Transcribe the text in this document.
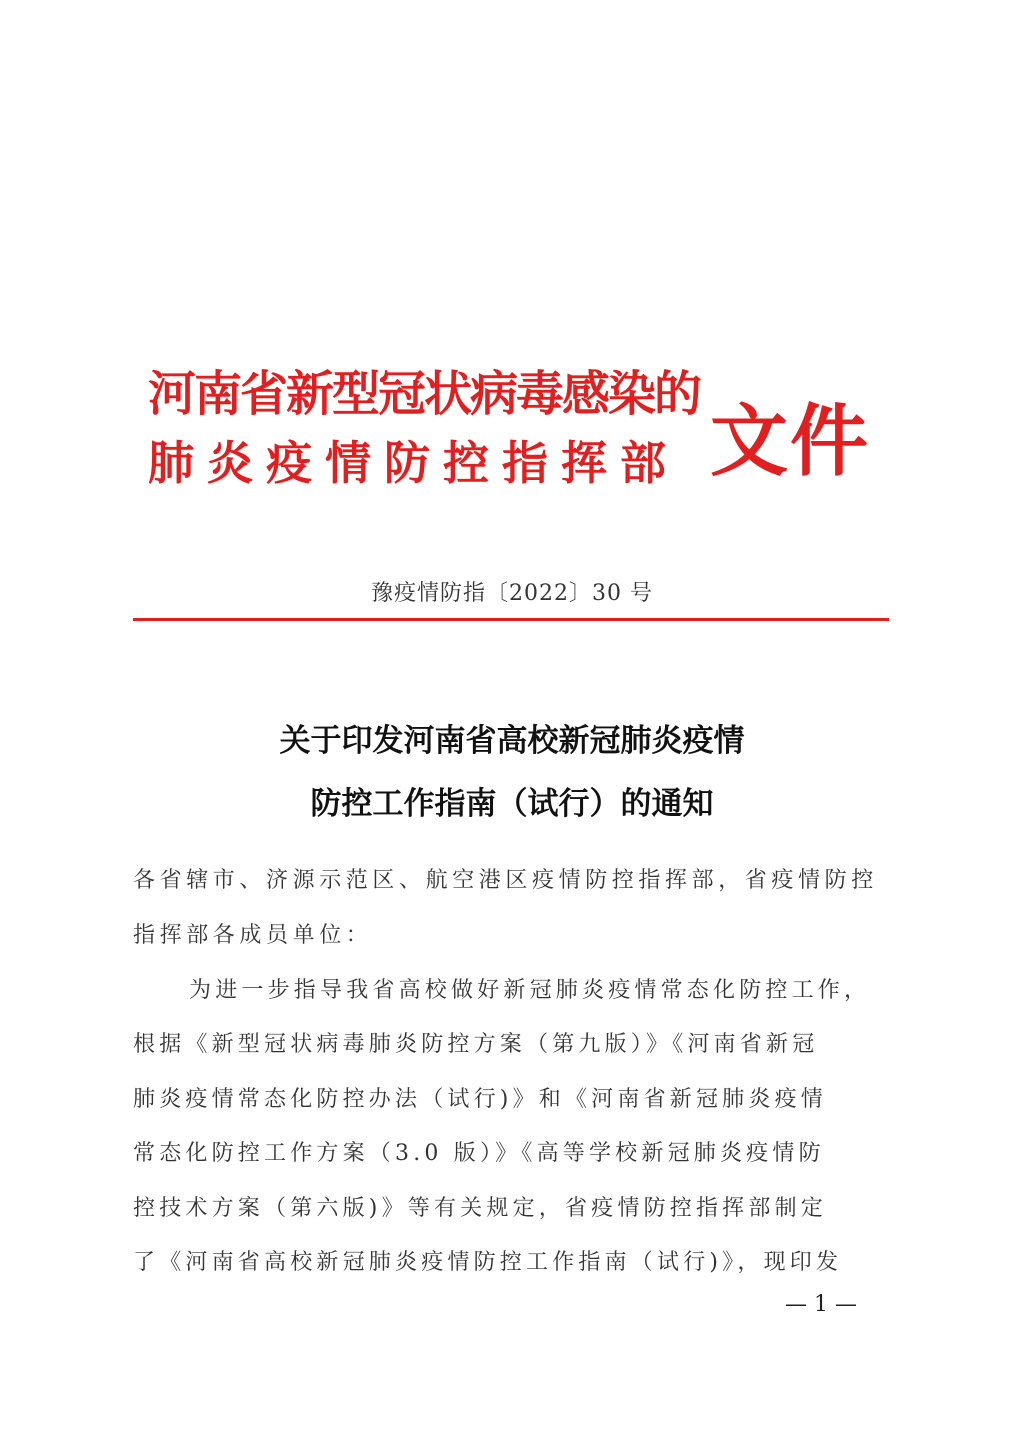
河南省新型冠状病毒感染的
肺炎疫情防控指挥部 文件
豫疫情防指〔2022〕30 号
关于印发河南省高校新冠肺炎疫情
防控工作指南（试行）的通知
各省辖市、济源示范区、航空港区疫情防控指挥部，省疫情防控
指挥部各成员单位：
为进一步指导我省高校做好新冠肺炎疫情常态化防控工作，
根据《新型冠状病毒肺炎防控方案（第九版）》《河南省新冠
肺炎疫情常态化防控办法（试行)》和《河南省新冠肺炎疫情
常态化防控工作方案（3.0 版）》《高等学校新冠肺炎疫情防
控技术方案（第六版)》等有关规定，省疫情防控指挥部制定
了《河南省高校新冠肺炎疫情防控工作指南（试行)》，现印发
— 1 —
